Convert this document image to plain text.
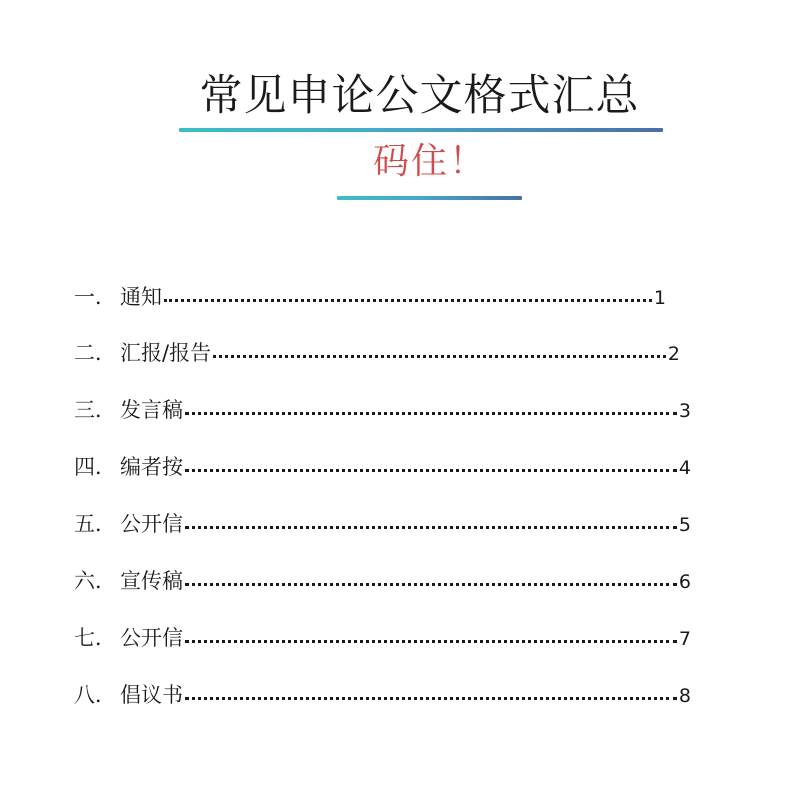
常见申论公文格式汇总
码住！
一． 通知	1
二． 汇报/报告	2
三． 发言稿	3
四． 编者按	4
五． 公开信	5
六． 宣传稿	6
七． 公开信	7
八． 倡议书	8
